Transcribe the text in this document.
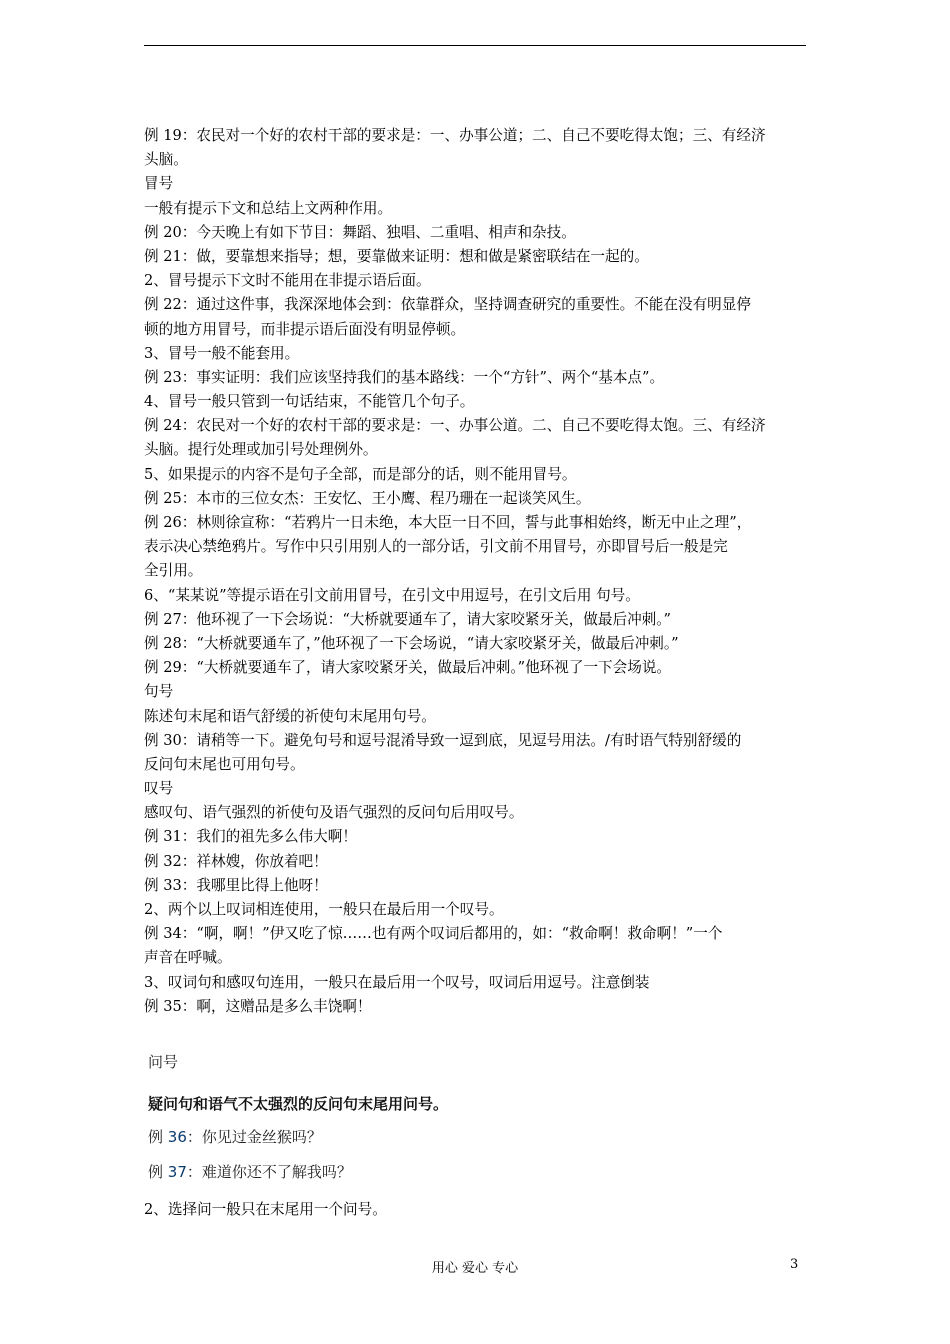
例 19：农民对一个好的农村干部的要求是：一、办事公道；二、自己不要吃得太饱；三、有经济
头脑。
冒号
一般有提示下文和总结上文两种作用。
例 20：今天晚上有如下节目：舞蹈、独唱、二重唱、相声和杂技。
例 21：做，要靠想来指导；想，要靠做来证明：想和做是紧密联结在一起的。
2、冒号提示下文时不能用在非提示语后面。
例 22：通过这件事，我深深地体会到：依靠群众，坚持调查研究的重要性。不能在没有明显停
顿的地方用冒号，而非提示语后面没有明显停顿。
3、冒号一般不能套用。
例 23：事实证明：我们应该坚持我们的基本路线：一个“方针”、两个“基本点”。
4、冒号一般只管到一句话结束，不能管几个句子。
例 24：农民对一个好的农村干部的要求是：一、办事公道。二、自己不要吃得太饱。三、有经济
头脑。提行处理或加引号处理例外。
5、如果提示的内容不是句子全部，而是部分的话，则不能用冒号。
例 25：本市的三位女杰：王安忆、王小鹰、程乃珊在一起谈笑风生。
例 26：林则徐宣称：“若鸦片一日未绝，本大臣一日不回，誓与此事相始终，断无中止之理”，
表示决心禁绝鸦片。写作中只引用别人的一部分话，引文前不用冒号，亦即冒号后一般是完
全引用。
6、“某某说”等提示语在引文前用冒号，在引文中用逗号，在引文后用 句号。
例 27：他环视了一下会场说：“大桥就要通车了，请大家咬紧牙关，做最后冲刺。”
例 28：“大桥就要通车了，”他环视了一下会场说，“请大家咬紧牙关，做最后冲刺。”
例 29：“大桥就要通车了，请大家咬紧牙关，做最后冲刺。”他环视了一下会场说。
句号
陈述句末尾和语气舒缓的祈使句末尾用句号。
例 30：请稍等一下。避免句号和逗号混淆导致一逗到底，见逗号用法。/有时语气特别舒缓的
反问句末尾也可用句号。
叹号
感叹句、语气强烈的祈使句及语气强烈的反问句后用叹号。
例 31：我们的祖先多么伟大啊！
例 32：祥林嫂，你放着吧！
例 33：我哪里比得上他呀！
2、两个以上叹词相连使用，一般只在最后用一个叹号。
例 34：“啊，啊！”伊又吃了惊……也有两个叹词后都用的，如：“救命啊！救命啊！”一个
声音在呼喊。
3、叹词句和感叹句连用，一般只在最后用一个叹号，叹词后用逗号。注意倒装
例 35：啊，这赠品是多么丰饶啊！
问号
疑问句和语气不太强烈的反问句末尾用问号。
例 36：你见过金丝猴吗？
例 37：难道你还不了解我吗？
2、选择问一般只在末尾用一个问号。
用心 爱心 专心	3
